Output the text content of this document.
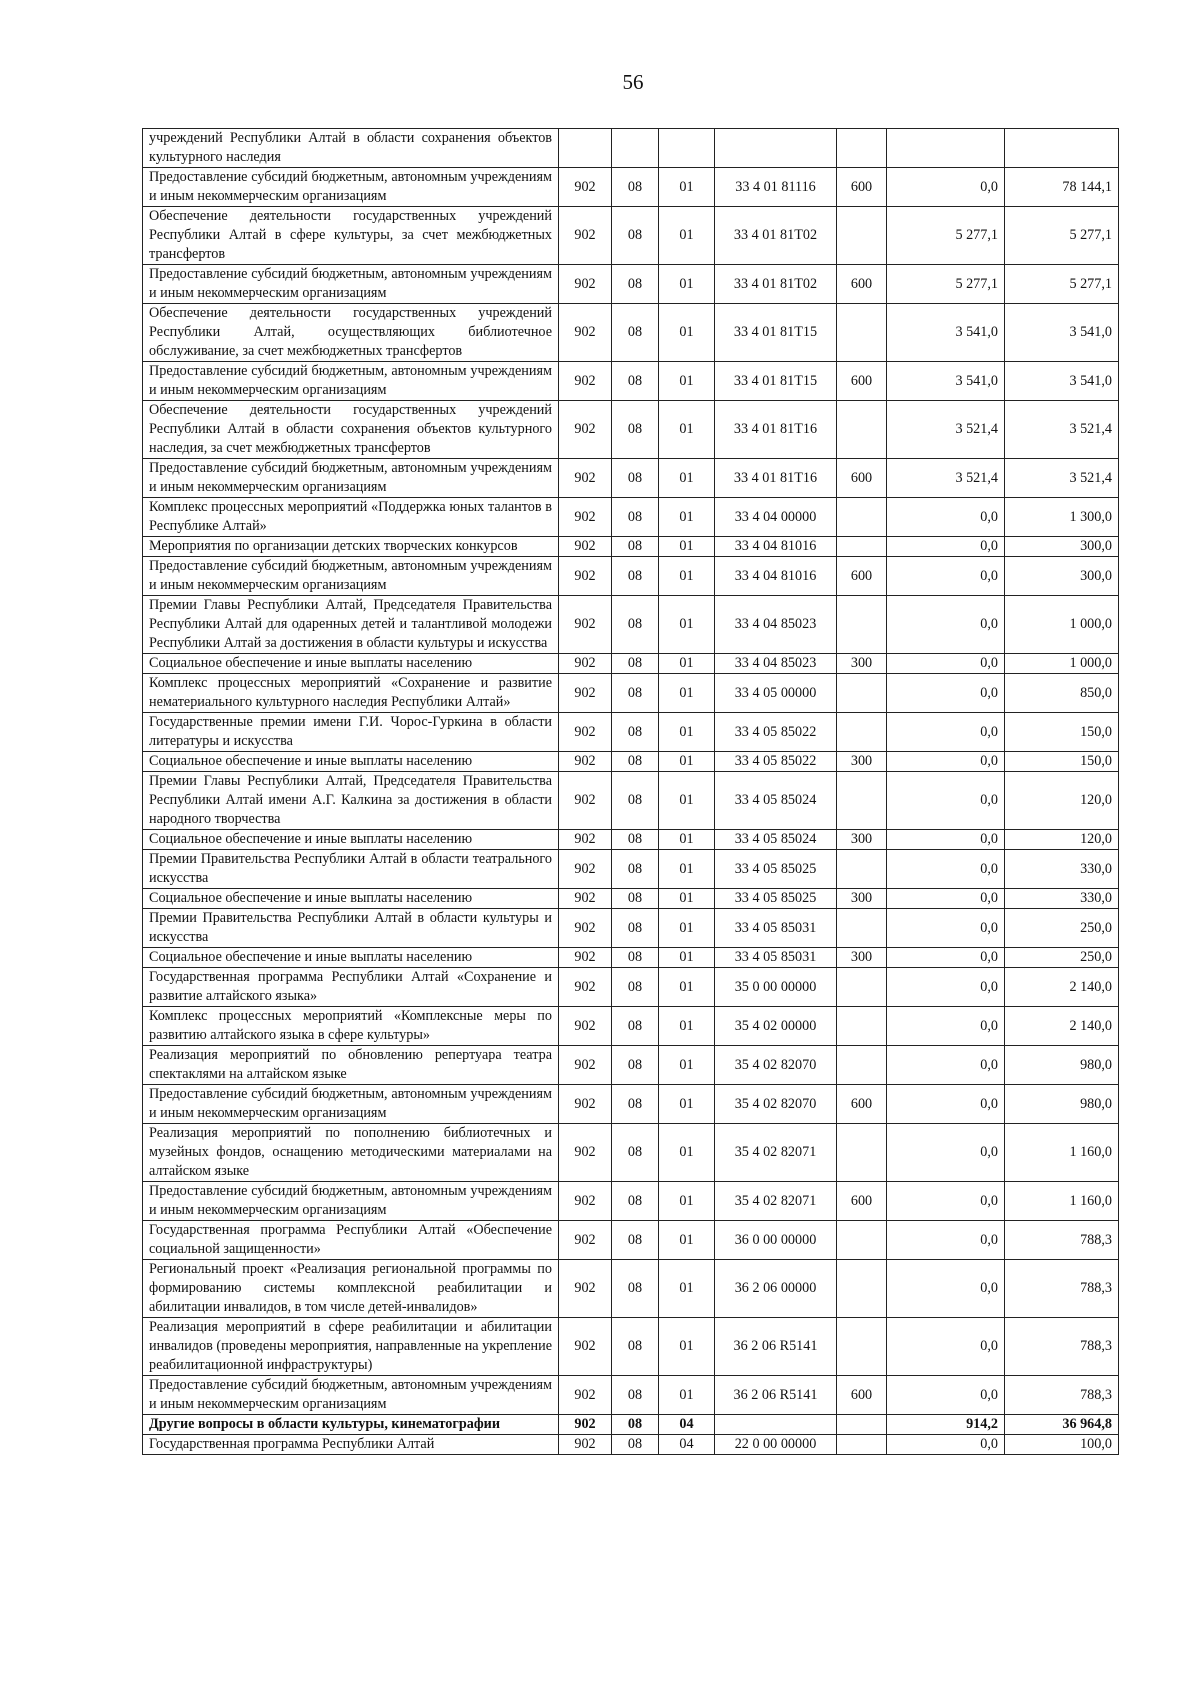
56
учреждений Республики Алтай в области сохранения объектов культурного наследия							
Предоставление субсидий бюджетным, автономным учреждениям и иным некоммерческим организациям	902	08	01	33 4 01 81116	600	0,0	78 144,1
Обеспечение деятельности государственных учреждений Республики Алтай в сфере культуры, за счет межбюджетных трансфертов	902	08	01	33 4 01 81Т02		5 277,1	5 277,1
Предоставление субсидий бюджетным, автономным учреждениям и иным некоммерческим организациям	902	08	01	33 4 01 81Т02	600	5 277,1	5 277,1
Обеспечение деятельности государственных учреждений Республики Алтай, осуществляющих библиотечное обслуживание, за счет межбюджетных трансфертов	902	08	01	33 4 01 81Т15		3 541,0	3 541,0
Предоставление субсидий бюджетным, автономным учреждениям и иным некоммерческим организациям	902	08	01	33 4 01 81Т15	600	3 541,0	3 541,0
Обеспечение деятельности государственных учреждений Республики Алтай в области сохранения объектов культурного наследия, за счет межбюджетных трансфертов	902	08	01	33 4 01 81Т16		3 521,4	3 521,4
Предоставление субсидий бюджетным, автономным учреждениям и иным некоммерческим организациям	902	08	01	33 4 01 81Т16	600	3 521,4	3 521,4
Комплекс процессных мероприятий «Поддержка юных талантов в Республике Алтай»	902	08	01	33 4 04 00000		0,0	1 300,0
Мероприятия по организации детских творческих конкурсов	902	08	01	33 4 04 81016		0,0	300,0
Предоставление субсидий бюджетным, автономным учреждениям и иным некоммерческим организациям	902	08	01	33 4 04 81016	600	0,0	300,0
Премии Главы Республики Алтай, Председателя Правительства Республики Алтай для одаренных детей и талантливой молодежи Республики Алтай за достижения в области культуры и искусства	902	08	01	33 4 04 85023		0,0	1 000,0
Социальное обеспечение и иные выплаты населению	902	08	01	33 4 04 85023	300	0,0	1 000,0
Комплекс процессных мероприятий «Сохранение и развитие нематериального культурного наследия Республики Алтай»	902	08	01	33 4 05 00000		0,0	850,0
Государственные премии имени Г.И. Чорос-Гуркина в области литературы и искусства	902	08	01	33 4 05 85022		0,0	150,0
Социальное обеспечение и иные выплаты населению	902	08	01	33 4 05 85022	300	0,0	150,0
Премии Главы Республики Алтай, Председателя Правительства Республики Алтай имени А.Г. Калкина за достижения в области народного творчества	902	08	01	33 4 05 85024		0,0	120,0
Социальное обеспечение и иные выплаты населению	902	08	01	33 4 05 85024	300	0,0	120,0
Премии Правительства Республики Алтай в области театрального искусства	902	08	01	33 4 05 85025		0,0	330,0
Социальное обеспечение и иные выплаты населению	902	08	01	33 4 05 85025	300	0,0	330,0
Премии Правительства Республики Алтай в области культуры и искусства	902	08	01	33 4 05 85031		0,0	250,0
Социальное обеспечение и иные выплаты населению	902	08	01	33 4 05 85031	300	0,0	250,0
Государственная программа Республики Алтай «Сохранение и развитие алтайского языка»	902	08	01	35 0 00 00000		0,0	2 140,0
Комплекс процессных мероприятий «Комплексные меры по развитию алтайского языка в сфере культуры»	902	08	01	35 4 02 00000		0,0	2 140,0
Реализация мероприятий по обновлению репертуара театра спектаклями на алтайском языке	902	08	01	35 4 02 82070		0,0	980,0
Предоставление субсидий бюджетным, автономным учреждениям и иным некоммерческим организациям	902	08	01	35 4 02 82070	600	0,0	980,0
Реализация мероприятий по пополнению библиотечных и музейных фондов, оснащению методическими материалами на алтайском языке	902	08	01	35 4 02 82071		0,0	1 160,0
Предоставление субсидий бюджетным, автономным учреждениям и иным некоммерческим организациям	902	08	01	35 4 02 82071	600	0,0	1 160,0
Государственная программа Республики Алтай «Обеспечение социальной защищенности»	902	08	01	36 0 00 00000		0,0	788,3
Региональный проект «Реализация региональной программы по формированию системы комплексной реабилитации и абилитации инвалидов, в том числе детей-инвалидов»	902	08	01	36 2 06 00000		0,0	788,3
Реализация мероприятий в сфере реабилитации и абилитации инвалидов (проведены мероприятия, направленные на укрепление реабилитационной инфраструктуры)	902	08	01	36 2 06 R5141		0,0	788,3
Предоставление субсидий бюджетным, автономным учреждениям и иным некоммерческим организациям	902	08	01	36 2 06 R5141	600	0,0	788,3
Другие вопросы в области культуры, кинематографии	902	08	04			914,2	36 964,8
Государственная программа Республики Алтай	902	08	04	22 0 00 00000		0,0	100,0
